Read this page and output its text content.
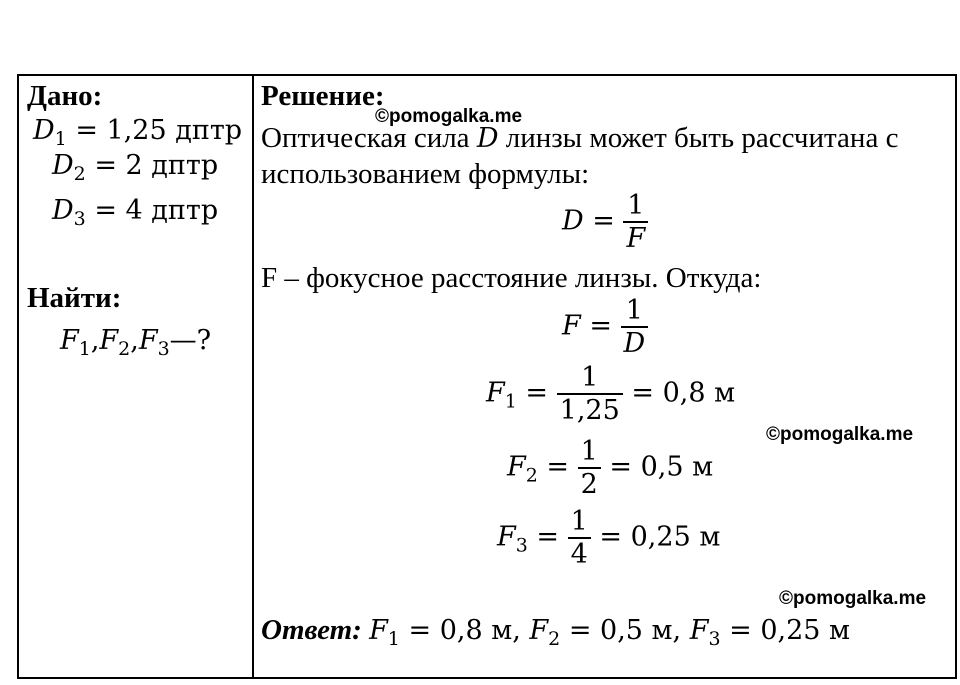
Дано:
$D_1 = 1,25$ дптр
$D_2 = 2$ дптр
$D_3 = 4$ дптр
Найти:
$F_1,F_2,F_3—$?
Решение:
©pomogalka.me
Оптическая сила D линзы может быть рассчитана с
использованием формулы:
$D = \frac{1}{F}$
F – фокусное расстояние линзы. Откуда:
$F = \frac{1}{D}$
$F_1 = \frac{1}{1,25} = 0,8$ м
©pomogalka.me
$F_2 = \frac{1}{2} = 0,5$ м
$F_3 = \frac{1}{4} = 0,25$ м
©pomogalka.me
Ответ: $F_1 = 0,8$ м, $F_2 = 0,5$ м, $F_3 = 0,25$ м
